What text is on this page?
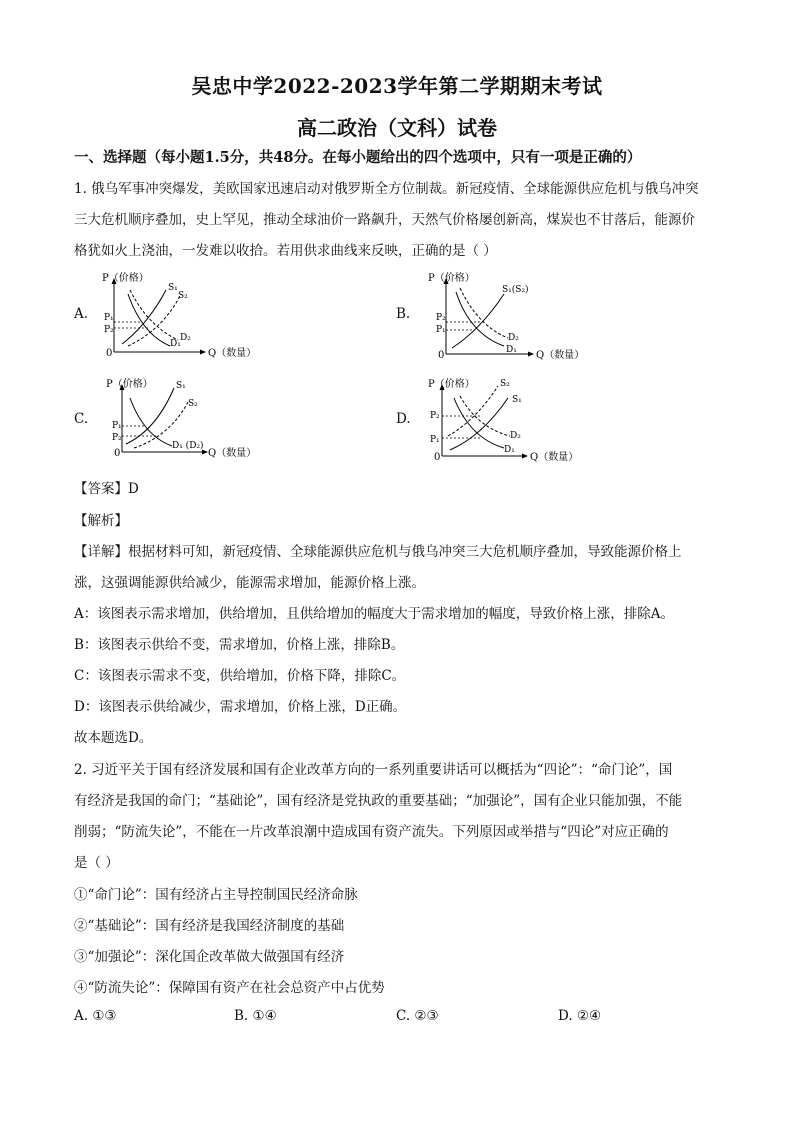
吴忠中学2022-2023学年第二学期期末考试
高二政治（文科）试卷
一、选择题（每小题1.5分，共48分。在每小题给出的四个选项中，只有一项是正确的）
1. 俄乌军事冲突爆发，美欧国家迅速启动对俄罗斯全方位制裁。新冠疫情、全球能源供应危机与俄乌冲突
三大危机顺序叠加，史上罕见，推动全球油价一路飙升，天然气价格屡创新高，煤炭也不甘落后，能源价
格犹如火上浇油，一发难以收拾。若用供求曲线来反映，正确的是（ ）
A.
P（价格）
Q（数量）
0
P₁
P₂
S₁
S₂
D₁
D₂
B.
P（价格）
Q（数量）
0
P₂
P₁
S₁(S₂)
D₂
D₁
C.
P（价格）
Q（数量）
0
P₁
P₂
S₁
S₂
D₁ (D₂)
D.
P（价格）
Q（数量）
0
P₂
P₁
S₂
S₁
D₂
D₁
【答案】D
【解析】
【详解】根据材料可知，新冠疫情、全球能源供应危机与俄乌冲突三大危机顺序叠加，导致能源价格上
涨，这强调能源供给减少，能源需求增加，能源价格上涨。
A：该图表示需求增加，供给增加，且供给增加的幅度大于需求增加的幅度，导致价格上涨，排除A。
B：该图表示供给不变，需求增加，价格上涨，排除B。
C：该图表示需求不变，供给增加，价格下降，排除C。
D：该图表示供给减少，需求增加，价格上涨，D正确。
故本题选D。
2. 习近平关于国有经济发展和国有企业改革方向的一系列重要讲话可以概括为“四论”：“命门论”，国
有经济是我国的命门；“基础论”，国有经济是党执政的重要基础；“加强论”，国有企业只能加强，不能
削弱；“防流失论”，不能在一片改革浪潮中造成国有资产流失。下列原因或举措与“四论”对应正确的
是（ ）
①“命门论”：国有经济占主导控制国民经济命脉
②“基础论”：国有经济是我国经济制度的基础
③“加强论”：深化国企改革做大做强国有经济
④“防流失论”：保障国有资产在社会总资产中占优势
A. ①③	B. ①④	C. ②③	D. ②④
